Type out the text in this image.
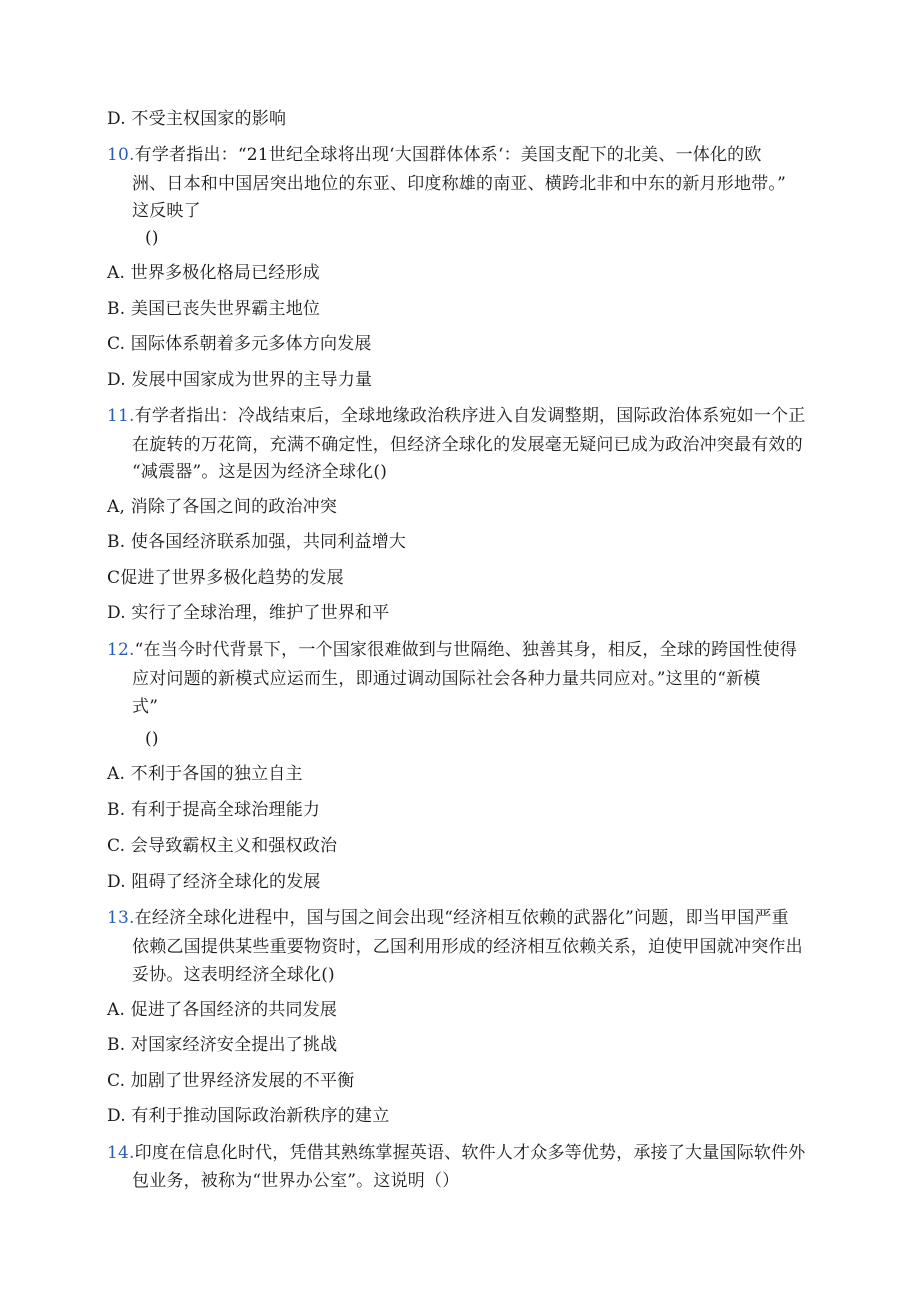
D. 不受主权国家的影响
10.有学者指出：“21世纪全球将出现‘大国群体体系‘：美国支配下的北美、一体化的欧
洲、日本和中国居突出地位的东亚、印度称雄的南亚、横跨北非和中东的新月形地带。”
这反映了
()
A. 世界多极化格局已经形成
B. 美国已丧失世界霸主地位
C. 国际体系朝着多元多体方向发展
D. 发展中国家成为世界的主导力量
11.有学者指出：冷战结束后，全球地缘政治秩序进入自发调整期，国际政治体系宛如一个正
在旋转的万花筒，充满不确定性，但经济全球化的发展毫无疑问已成为政治冲突最有效的
“减震器”。这是因为经济全球化()
A, 消除了各国之间的政治冲突
B. 使各国经济联系加强，共同利益增大
C促进了世界多极化趋势的发展
D. 实行了全球治理，维护了世界和平
12.“在当今时代背景下，一个国家很难做到与世隔绝、独善其身，相反，全球的跨国性使得
应对问题的新模式应运而生，即通过调动国际社会各种力量共同应对。”这里的“新模
式”
()
A. 不利于各国的独立自主
B. 有利于提高全球治理能力
C. 会导致霸权主义和强权政治
D. 阻碍了经济全球化的发展
13.在经济全球化进程中，国与国之间会出现“经济相互依赖的武器化”问题，即当甲国严重
依赖乙国提供某些重要物资时，乙国利用形成的经济相互依赖关系，迫使甲国就冲突作出
妥协。这表明经济全球化()
A. 促进了各国经济的共同发展
B. 对国家经济安全提出了挑战
C. 加剧了世界经济发展的不平衡
D. 有利于推动国际政治新秩序的建立
14.印度在信息化时代，凭借其熟练掌握英语、软件人才众多等优势，承接了大量国际软件外
包业务，被称为“世界办公室”。这说明（）
